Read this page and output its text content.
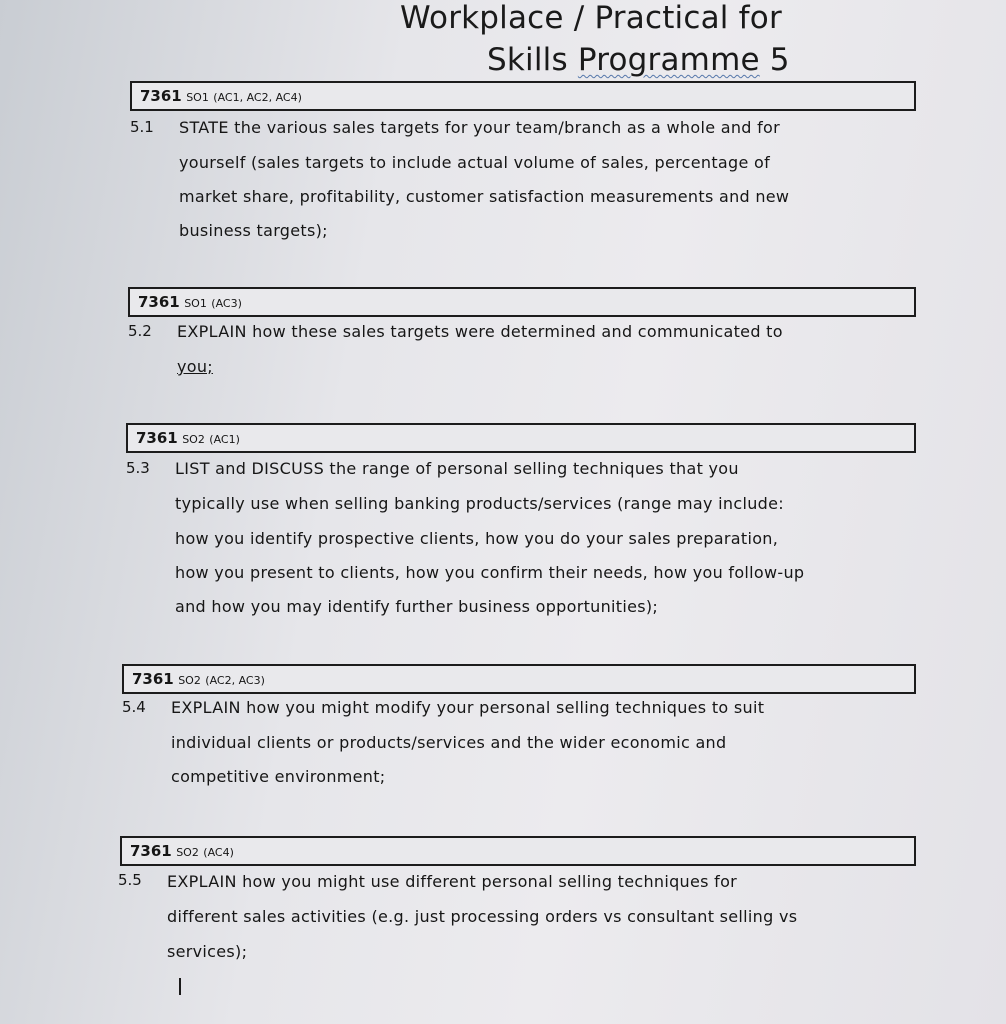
Workplace / Practical for
Skills Programme 5
7361 SO1 (AC1, AC2, AC4)
5.1 STATE the various sales targets for your team/branch as a whole and for
yourself (sales targets to include actual volume of sales, percentage of
market share, profitability, customer satisfaction measurements and new
business targets);
7361 SO1 (AC3)
5.2 EXPLAIN how these sales targets were determined and communicated to
you;
7361 SO2 (AC1)
5.3 LIST and DISCUSS the range of personal selling techniques that you
typically use when selling banking products/services (range may include:
how you identify prospective clients, how you do your sales preparation,
how you present to clients, how you confirm their needs, how you follow-up
and how you may identify further business opportunities);
7361 SO2 (AC2, AC3)
5.4 EXPLAIN how you might modify your personal selling techniques to suit
individual clients or products/services and the wider economic and
competitive environment;
7361 SO2 (AC4)
5.5 EXPLAIN how you might use different personal selling techniques for
different sales activities (e.g. just processing orders vs consultant selling vs
services);
